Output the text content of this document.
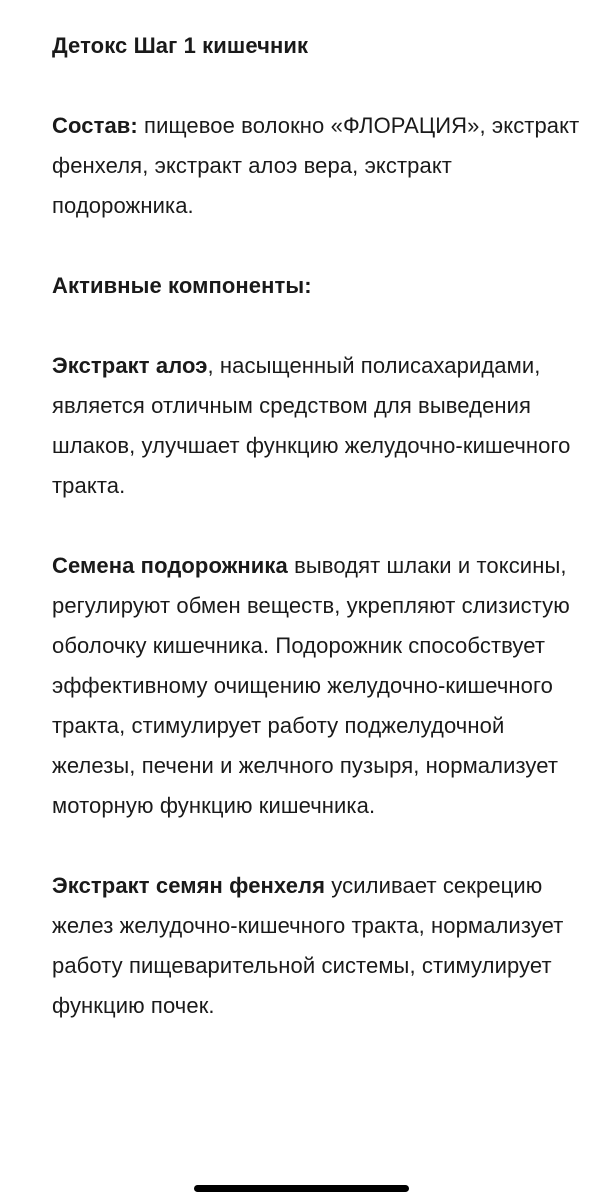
Детокс Шаг 1 кишечник

Состав: пищевое волокно «ФЛОРАЦИЯ», экстракт фенхеля, экстракт алоэ вера, экстракт подорожника.

Активные компоненты:

Экстракт алоэ, насыщенный полисахаридами, является отличным средством для выведения шлаков, улучшает функцию желудочно-кишечного тракта.

Семена подорожника выводят шлаки и токсины, регулируют обмен веществ, укрепляют слизистую оболочку кишечника. Подорожник способствует эффективному очищению желудочно-кишечного тракта, стимулирует работу поджелудочной железы, печени и желчного пузыря, нормализует моторную функцию кишечника.

Экстракт семян фенхеля усиливает секрецию желез желудочно-кишечного тракта, нормализует работу пищеварительной системы, стимулирует функцию почек.
